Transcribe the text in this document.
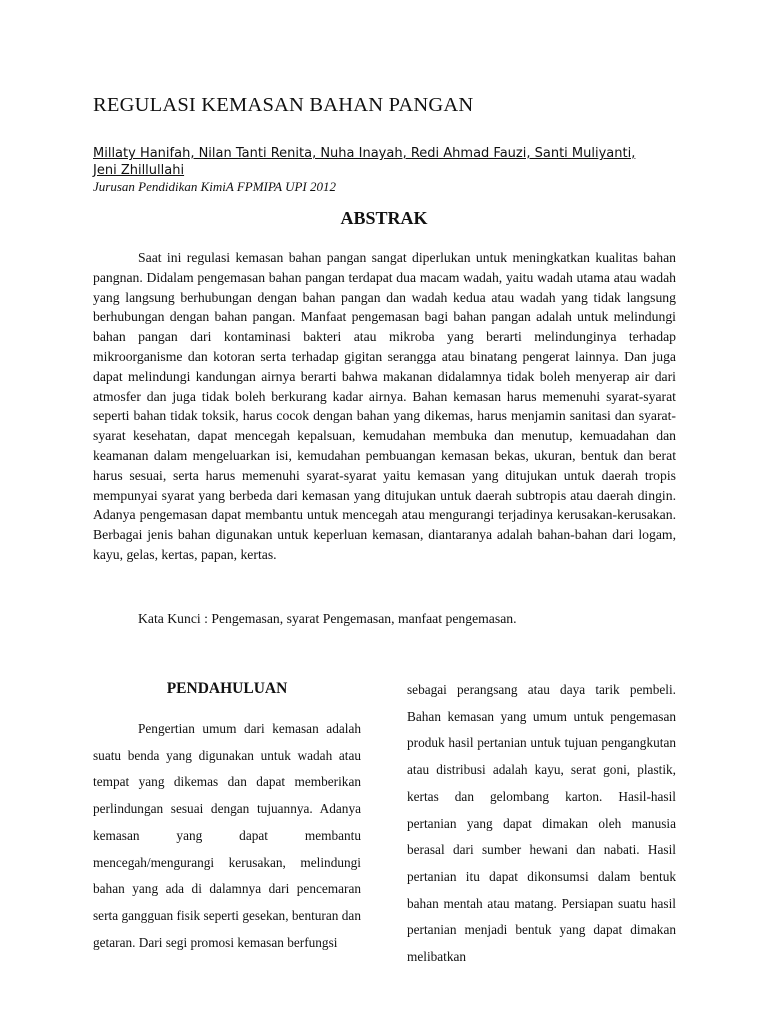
REGULASI KEMASAN BAHAN PANGAN
Millaty Hanifah, Nilan Tanti Renita, Nuha Inayah, Redi Ahmad Fauzi, Santi Muliyanti, Jeni Zhillullahi
Jurusan Pendidikan KimiA FPMIPA UPI 2012
ABSTRAK

Saat ini regulasi kemasan bahan pangan sangat diperlukan untuk meningkatkan kualitas bahan pangnan. Didalam pengemasan bahan pangan terdapat dua macam wadah, yaitu wadah utama atau wadah yang langsung berhubungan dengan bahan pangan dan wadah kedua atau wadah yang tidak langsung berhubungan dengan bahan pangan. Manfaat pengemasan bagi bahan pangan adalah untuk melindungi bahan pangan dari kontaminasi bakteri atau mikroba yang berarti melindunginya terhadap mikroorganisme dan kotoran serta terhadap gigitan serangga atau binatang pengerat lainnya. Dan juga dapat melindungi kandungan airnya berarti bahwa makanan didalamnya tidak boleh menyerap air dari atmosfer dan juga tidak boleh berkurang kadar airnya. Bahan kemasan harus memenuhi syarat-syarat seperti bahan tidak toksik, harus cocok dengan bahan yang dikemas, harus menjamin sanitasi dan syarat-syarat kesehatan, dapat mencegah kepalsuan, kemudahan membuka dan menutup, kemuadahan dan keamanan dalam mengeluarkan isi, kemudahan pembuangan kemasan bekas, ukuran, bentuk dan berat harus sesuai, serta harus memenuhi syarat-syarat yaitu kemasan yang ditujukan untuk daerah tropis mempunyai syarat yang berbeda dari kemasan yang ditujukan untuk daerah subtropis atau daerah dingin. Adanya pengemasan dapat membantu untuk mencegah atau mengurangi terjadinya kerusakan-kerusakan. Berbagai jenis bahan digunakan untuk keperluan kemasan, diantaranya adalah bahan-bahan dari logam, kayu, gelas, kertas, papan, kertas.

Kata Kunci : Pengemasan, syarat Pengemasan, manfaat pengemasan.
PENDAHULUAN

Pengertian umum dari kemasan adalah suatu benda yang digunakan untuk wadah atau tempat yang dikemas dan dapat memberikan perlindungan sesuai dengan tujuannya. Adanya kemasan yang dapat membantu mencegah/mengurangi kerusakan, melindungi bahan yang ada di dalamnya dari pencemaran serta gangguan fisik seperti gesekan, benturan dan getaran. Dari segi promosi kemasan berfungsi

sebagai perangsang atau daya tarik pembeli. Bahan kemasan yang umum untuk pengemasan produk hasil pertanian untuk tujuan pengangkutan atau distribusi adalah kayu, serat goni, plastik, kertas dan gelombang karton. Hasil-hasil pertanian yang dapat dimakan oleh manusia berasal dari sumber hewani dan nabati. Hasil pertanian itu dapat dikonsumsi dalam bentuk bahan mentah atau matang. Persiapan suatu hasil pertanian menjadi bentuk yang dapat dimakan melibatkan
